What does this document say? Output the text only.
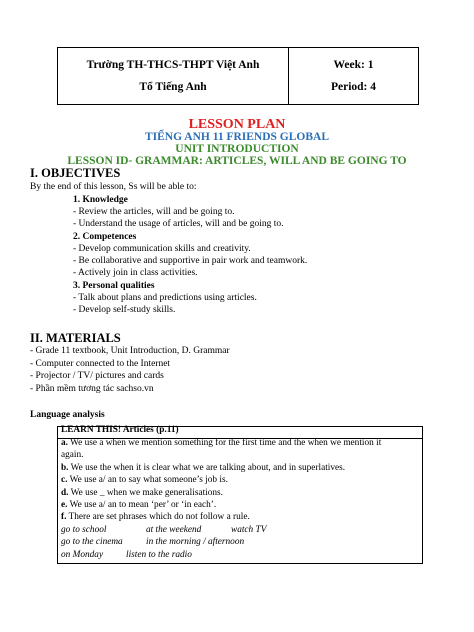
Trường TH-THCS-THPT Việt Anh
Tổ Tiếng Anh
Week: 1
Period: 4
LESSON PLAN
TIẾNG ANH 11 FRIENDS GLOBAL
UNIT INTRODUCTION
LESSON ID- GRAMMAR: ARTICLES, WILL AND BE GOING TO
I. OBJECTIVES
By the end of this lesson, Ss will be able to:
1. Knowledge
- Review the articles, will and be going to.
- Understand the usage of articles, will and be going to.
2. Competences
- Develop communication skills and creativity.
- Be collaborative and supportive in pair work and teamwork.
- Actively join in class activities.
3. Personal qualities
- Talk about plans and predictions using articles.
- Develop self-study skills.
II. MATERIALS
- Grade 11 textbook, Unit Introduction, D. Grammar
- Computer connected to the Internet
- Projector / TV/ pictures and cards
- Phần mềm tương tác sachso.vn
Language analysis
LEARN THIS! Articles (p.11)
a. We use a when we mention something for the first time and the when we mention it
again.
b. We use the when it is clear what we are talking about, and in superlatives.
c. We use a/ an to say what someone’s job is.
d. We use _ when we make generalisations.
e. We use a/ an to mean ‘per’ or ‘in each’.
f. There are set phrases which do not follow a rule.
go to school	at the weekend	watch TV
go to the cinema	in the morning / afternoon
on Monday listen to the radio
